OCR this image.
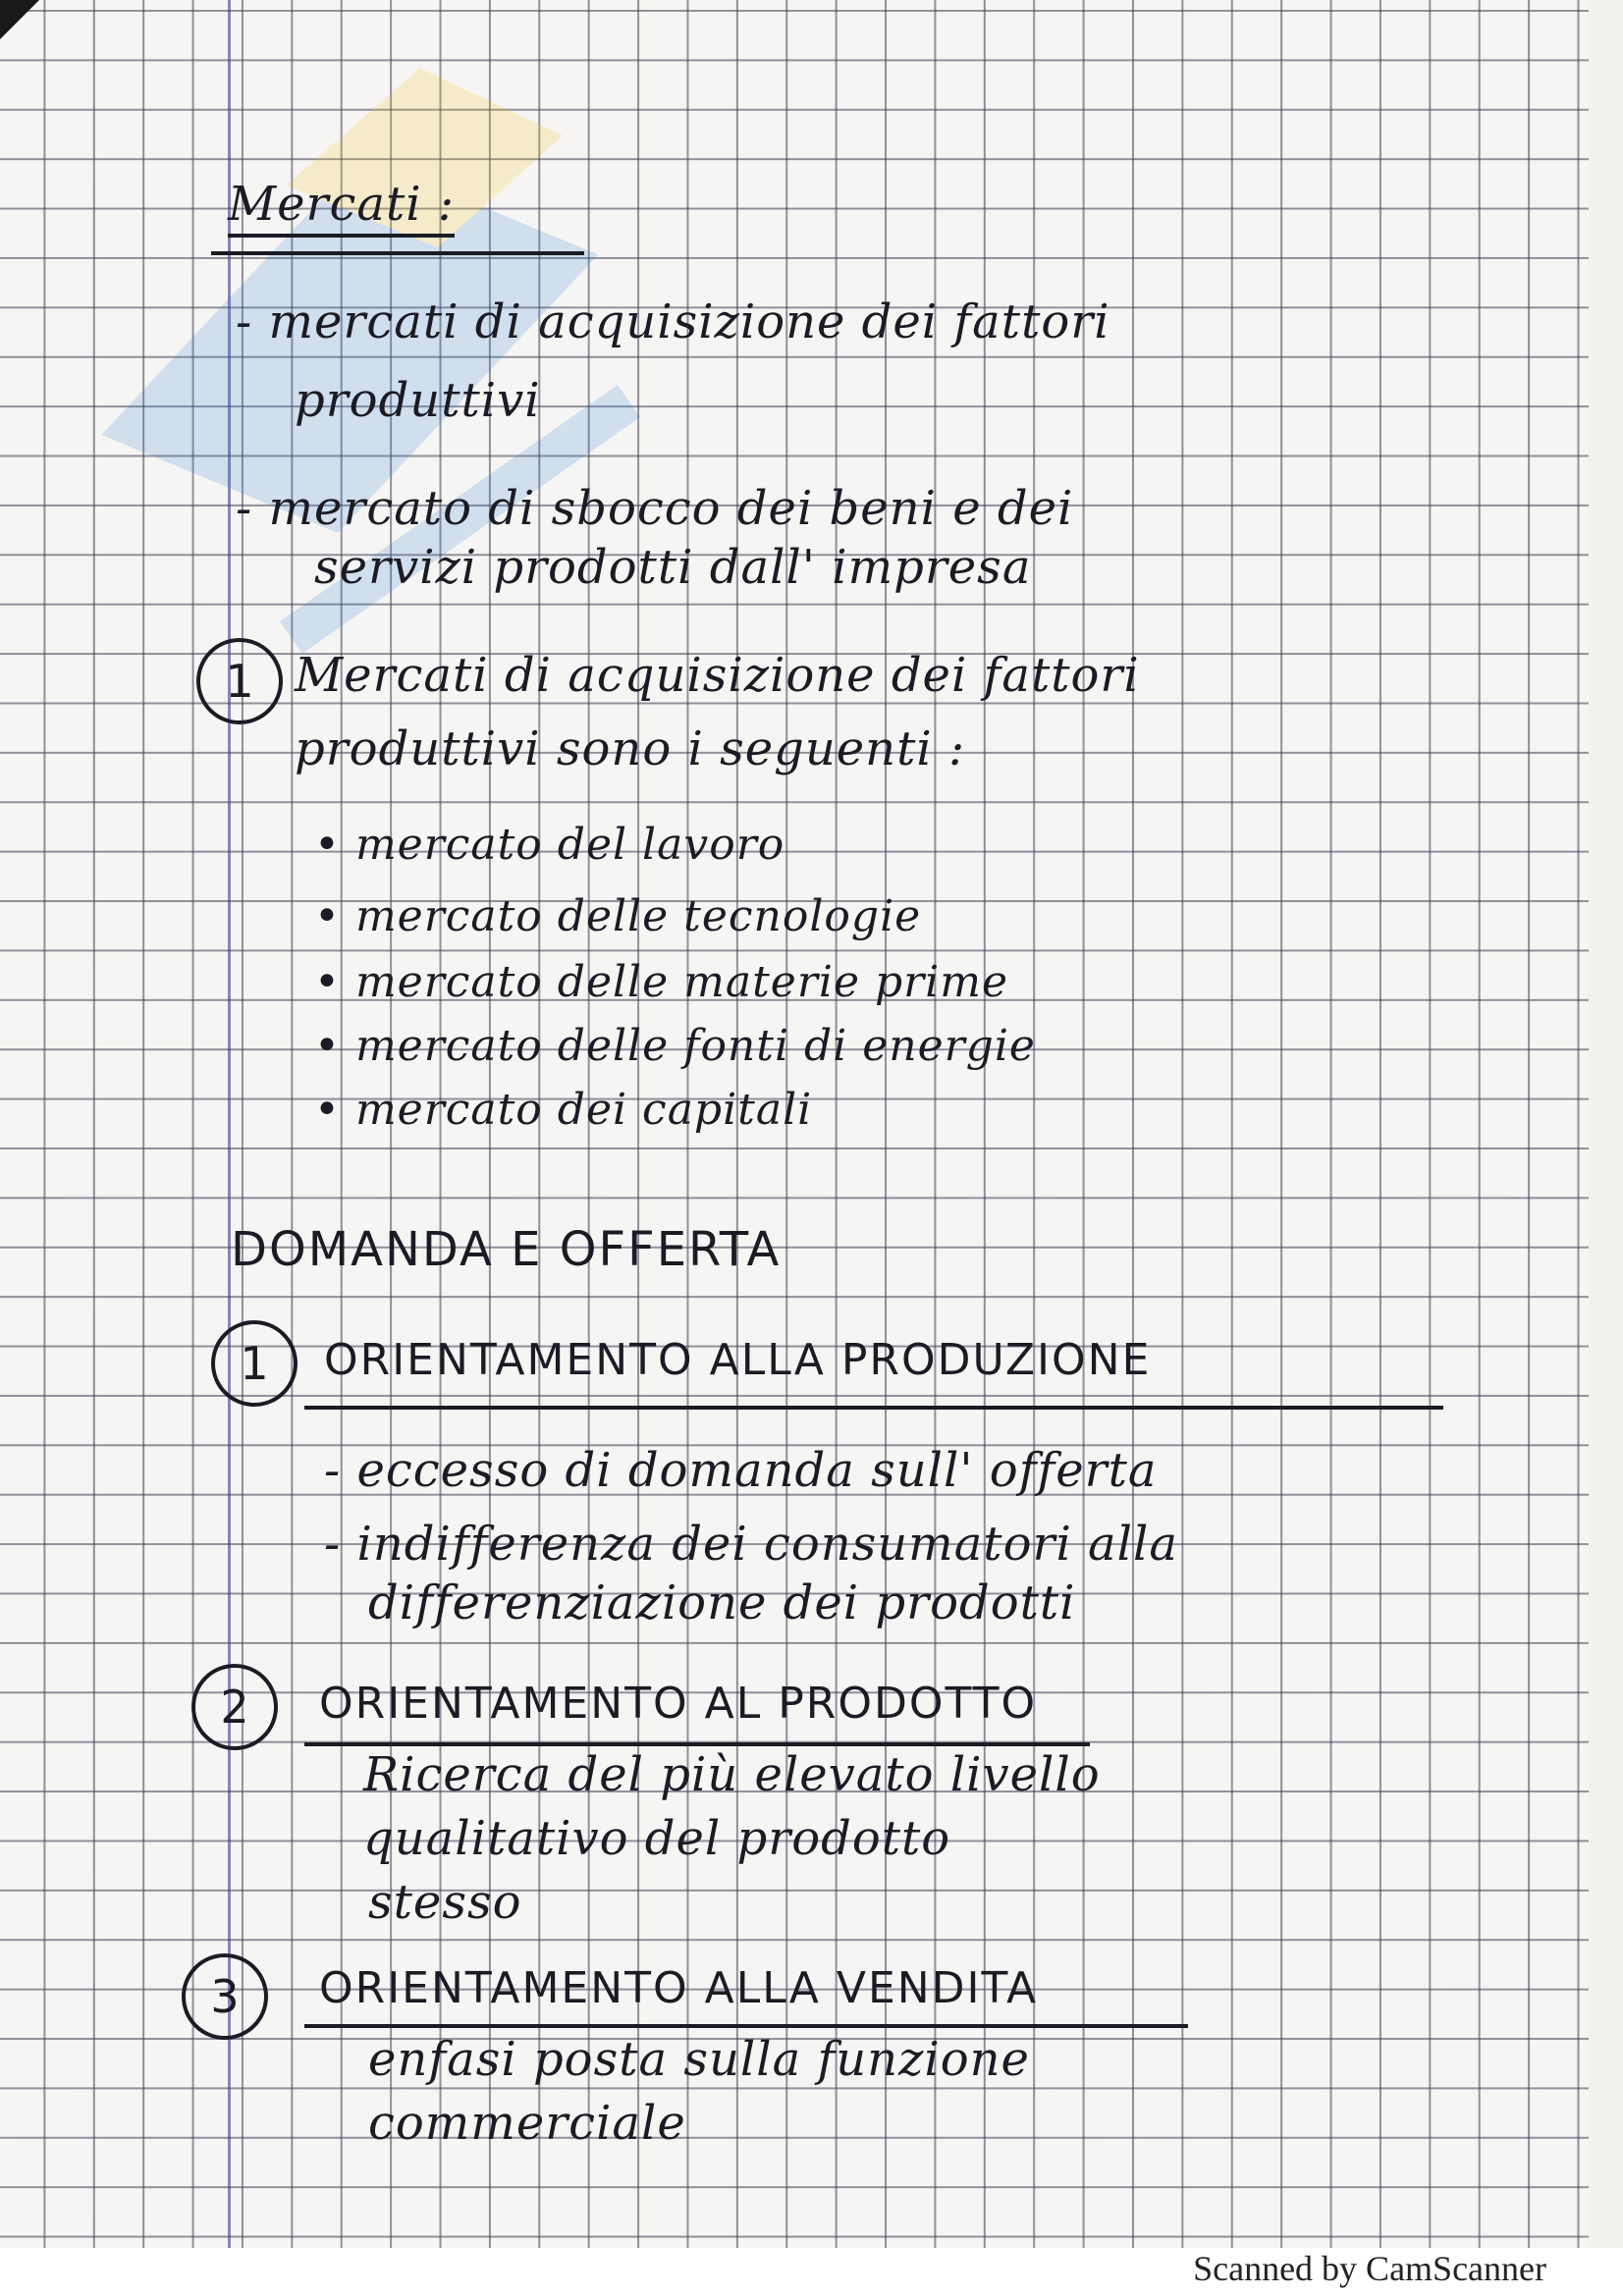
Mercati :
- mercati di acquisizione dei fattori
produttivi
- mercato di sbocco dei beni e dei
servizi prodotti dall' impresa
1 Mercati di acquisizione dei fattori
produttivi sono i seguenti :
• mercato del lavoro
• mercato delle tecnologie
• mercato delle materie prime
• mercato delle fonti di energie
• mercato dei capitali
DOMANDA E OFFERTA
1	ORIENTAMENTO ALLA PRODUZIONE
- eccesso di domanda sull' offerta
- indifferenza dei consumatori alla
differenziazione dei prodotti
2	ORIENTAMENTO AL PRODOTTO
Ricerca del più elevato livello
qualitativo del prodotto
stesso
3	ORIENTAMENTO ALLA VENDITA
enfasi posta sulla funzione
commerciale
Scanned by CamScanner
